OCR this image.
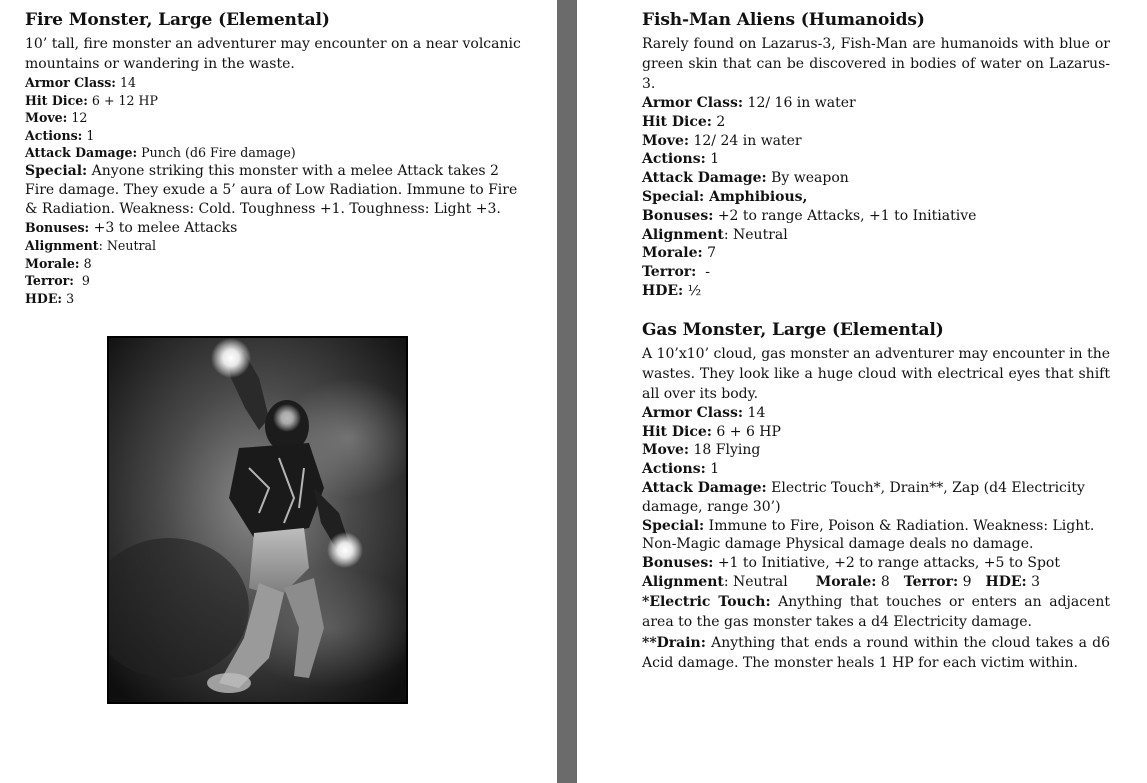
Fire Monster, Large (Elemental)

10’ tall, fire monster an adventurer may encounter on a near volcanic mountains or wandering in the waste.

Armor Class: 14

Hit Dice: 6 + 12 HP

Move: 12

Actions: 1

Attack Damage: Punch (d6 Fire damage)

Special: Anyone striking this monster with a melee Attack takes 2 Fire damage. They exude a 5’ aura of Low Radiation. Immune to Fire & Radiation. Weakness: Cold. Toughness +1. Toughness: Light +3.

Bonuses: +3 to melee Attacks

Alignment: Neutral

Morale: 8

Terror:  9

HDE: 3

Fish-Man Aliens (Humanoids)

Rarely found on Lazarus-3, Fish-Man are humanoids with blue or green skin that can be discovered in bodies of water on Lazarus-3.

Armor Class: 12/ 16 in water

Hit Dice: 2

Move: 12/ 24 in water

Actions: 1

Attack Damage: By weapon

Special: Amphibious,

Bonuses: +2 to range Attacks, +1 to Initiative

Alignment: Neutral

Morale: 7

Terror:  -

HDE: ½

Gas Monster, Large (Elemental)

A 10’x10’ cloud, gas monster an adventurer may encounter in the wastes. They look like a huge cloud with electrical eyes that shift all over its body.

Armor Class: 14

Hit Dice: 6 + 6 HP

Move: 18 Flying

Actions: 1

Attack Damage: Electric Touch*, Drain**, Zap (d4 Electricity damage, range 30’)

Special: Immune to Fire, Poison & Radiation. Weakness: Light. Non-Magic damage Physical damage deals no damage.

Bonuses: +1 to Initiative, +2 to range attacks, +5 to Spot

Alignment: Neutral Morale: 8 Terror: 9 HDE: 3

*Electric Touch: Anything that touches or enters an adjacent area to the gas monster takes a d4 Electricity damage.

**Drain: Anything that ends a round within the cloud takes a d6 Acid damage. The monster heals 1 HP for each victim within.
